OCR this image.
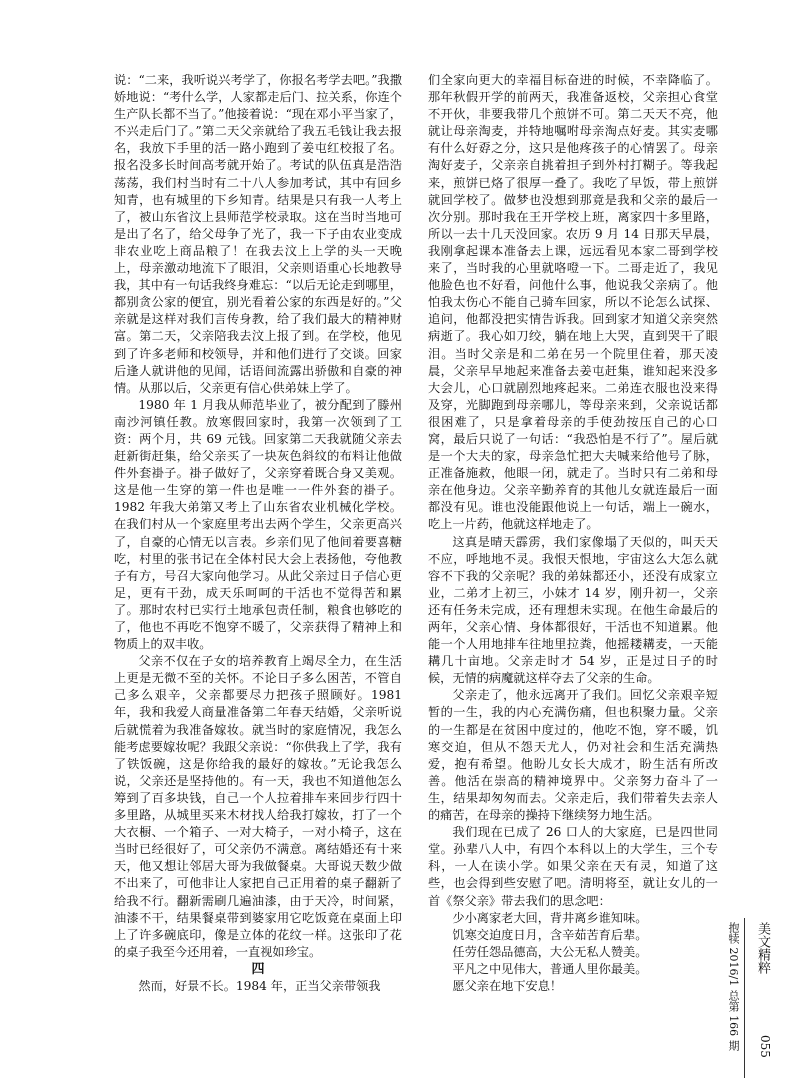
说：“二来，我听说兴考学了，你报名考学去吧。”我撒娇地说：“考什么学，人家都走后门、拉关系，你连个生产队长都不当了。”他接着说：“现在邓小平当家了，不兴走后门了。”第二天父亲就给了我五毛钱让我去报名，我放下手里的活一路小跑到了姜屯红校报了名。报名没多长时间高考就开始了。考试的队伍真是浩浩荡荡，我们村当时有二十八人参加考试，其中有回乡知青，也有城里的下乡知青。结果是只有我一人考上了，被山东省汶上县师范学校录取。这在当时当地可是出了名了，给父母争了光了，我一下子由农业变成非农业吃上商品粮了！在我去汶上上学的头一天晚上，母亲激动地流下了眼泪，父亲则语重心长地教导我，其中有一句话我终身难忘：“以后无论走到哪里，都别贪公家的便宜，别光看着公家的东西是好的。”父亲就是这样对我们言传身教，给了我们最大的精神财富。第二天，父亲陪我去汶上报了到。在学校，他见到了许多老师和校领导，并和他们进行了交谈。回家后逢人就讲他的见闻，话语间流露出骄傲和自豪的神情。从那以后，父亲更有信心供弟妹上学了。

1980 年 1 月我从师范毕业了，被分配到了滕州南沙河镇任教。放寒假回家时，我第一次领到了工资：两个月，共 69 元钱。回家第二天我就随父亲去赶新街赶集，给父亲买了一块灰色斜纹的布料让他做件外套褂子。褂子做好了，父亲穿着既合身又美观。这是他一生穿的第一件也是唯一一件外套的褂子。1982 年我大弟第又考上了山东省农业机械化学校。在我们村从一个家庭里考出去两个学生，父亲更高兴了，自豪的心情无以言表。乡亲们见了他间着要喜糖吃，村里的张书记在全体村民大会上表扬他，夸他教子有方，号召大家向他学习。从此父亲过日子信心更足，更有干劲，成天乐呵呵的干活也不觉得苦和累了。那时农村已实行土地承包责任制，粮食也够吃的了，他也不再吃不饱穿不暖了，父亲获得了精神上和物质上的双丰收。

父亲不仅在子女的培养教育上竭尽全力，在生活上更是无微不至的关怀。不论日子多么困苦，不管自己多么艰辛，父亲都要尽力把孩子照顾好。1981 年，我和我爱人商量准备第二年春天结婚，父亲听说后就慌着为我准备嫁妆。就当时的家庭情况，我怎么能考虑要嫁妆呢？我跟父亲说：“你供我上了学，我有了铁饭碗，这是你给我的最好的嫁妆。”无论我怎么说，父亲还是坚持他的。有一天，我也不知道他怎么筹到了百多块钱，自己一个人拉着排车来回步行四十多里路，从城里买来木材找人给我打嫁妆，打了一个大衣橱、一个箱子、一对大椅子，一对小椅子，这在当时已经很好了，可父亲仍不满意。离结婚还有十来天，他又想让邻居大哥为我做餐桌。大哥说天数少做不出来了，可他非让人家把自己正用着的桌子翻新了给我不行。翻新需刷几遍油漆，由于天冷，时间紧，油漆不干，结果餐桌带到婆家用它吃饭竟在桌面上印上了许多碗底印，像是立体的花纹一样。这张印了花的桌子我至今还用着，一直视如珍宝。

四

然而，好景不长。1984 年，正当父亲带领我

们全家向更大的幸福目标奋进的时候，不幸降临了。那年秋假开学的前两天，我准备返校，父亲担心食堂不开伙，非要我带几个煎饼不可。第二天天不亮，他就让母亲淘麦，并特地嘱咐母亲淘点好麦。其实麦哪有什么好孬之分，这只是他疼孩子的心情罢了。母亲淘好麦子，父亲亲自挑着担子到外村打糊子。等我起来，煎饼已烙了很厚一叠了。我吃了早饭，带上煎饼就回学校了。做梦也没想到那竟是我和父亲的最后一次分别。那时我在王开学校上班，离家四十多里路，所以一去十几天没回家。农历 9 月 14 日那天早晨，我刚拿起课本准备去上课，远远看见本家二哥到学校来了，当时我的心里就咯噔一下。二哥走近了，我见他脸色也不好看，问他什么事，他说我父亲病了。他怕我太伤心不能自己骑车回家，所以不论怎么试探、追问，他都没把实情告诉我。回到家才知道父亲突然病逝了。我心如刀绞，躺在地上大哭，直到哭干了眼泪。当时父亲是和二弟在另一个院里住着，那天凌晨，父亲早早地起来准备去姜屯赶集，谁知起来没多大会儿，心口就剧烈地疼起来。二弟连衣服也没来得及穿，光脚跑到母亲哪儿，等母亲来到，父亲说话都很困难了，只是拿着母亲的手使劲按压自己的心口窝，最后只说了一句话：“我恐怕是不行了”。屋后就是一个大夫的家，母亲急忙把大夫喊来给他号了脉，正准备施救，他眼一闭，就走了。当时只有二弟和母亲在他身边。父亲辛勤养育的其他儿女就连最后一面都没有见。谁也没能跟他说上一句话，端上一碗水，吃上一片药，他就这样地走了。

这真是晴天霹雳，我们家像塌了天似的，叫天天不应，呼地地不灵。我恨天恨地，宇宙这么大怎么就容不下我的父亲呢？我的弟妹都还小，还没有成家立业，二弟才上初三，小妹才 14 岁，刚升初一，父亲还有任务未完成，还有理想未实现。在他生命最后的两年，父亲心情、身体都很好，干活也不知道累。他能一个人用地排车往地里拉粪，他摇耧耩麦，一天能耩几十亩地。父亲走时才 54 岁，正是过日子的时候，无情的病魔就这样夺去了父亲的生命。

父亲走了，他永远离开了我们。回忆父亲艰辛短暂的一生，我的内心充满伤痛，但也积聚力量。父亲的一生都是在贫困中度过的，他吃不饱，穿不暖，饥寒交迫，但从不怨天尤人，仍对社会和生活充满热爱，抱有希望。他盼儿女长大成才，盼生活有所改善。他活在崇高的精神境界中。父亲努力奋斗了一生，结果却匆匆而去。父亲走后，我们带着失去亲人的痛苦，在母亲的操持下继续努力地生活。

我们现在已成了 26 口人的大家庭，已是四世同堂。孙辈八人中，有四个本科以上的大学生，三个专科，一人在读小学。如果父亲在天有灵，知道了这些，也会得到些安慰了吧。清明将至，就让女儿的一首《祭父亲》带去我们的思念吧：

少小离家老大回，背井离乡谁知味。
饥寒交迫度日月，含辛茹苦育后辈。
任劳任怨品德高，大公无私人赞美。
平凡之中见伟大，普通人里你最美。
愿父亲在地下安息！	抱犊 2016/1 总第 166 期 美文精粹
055
